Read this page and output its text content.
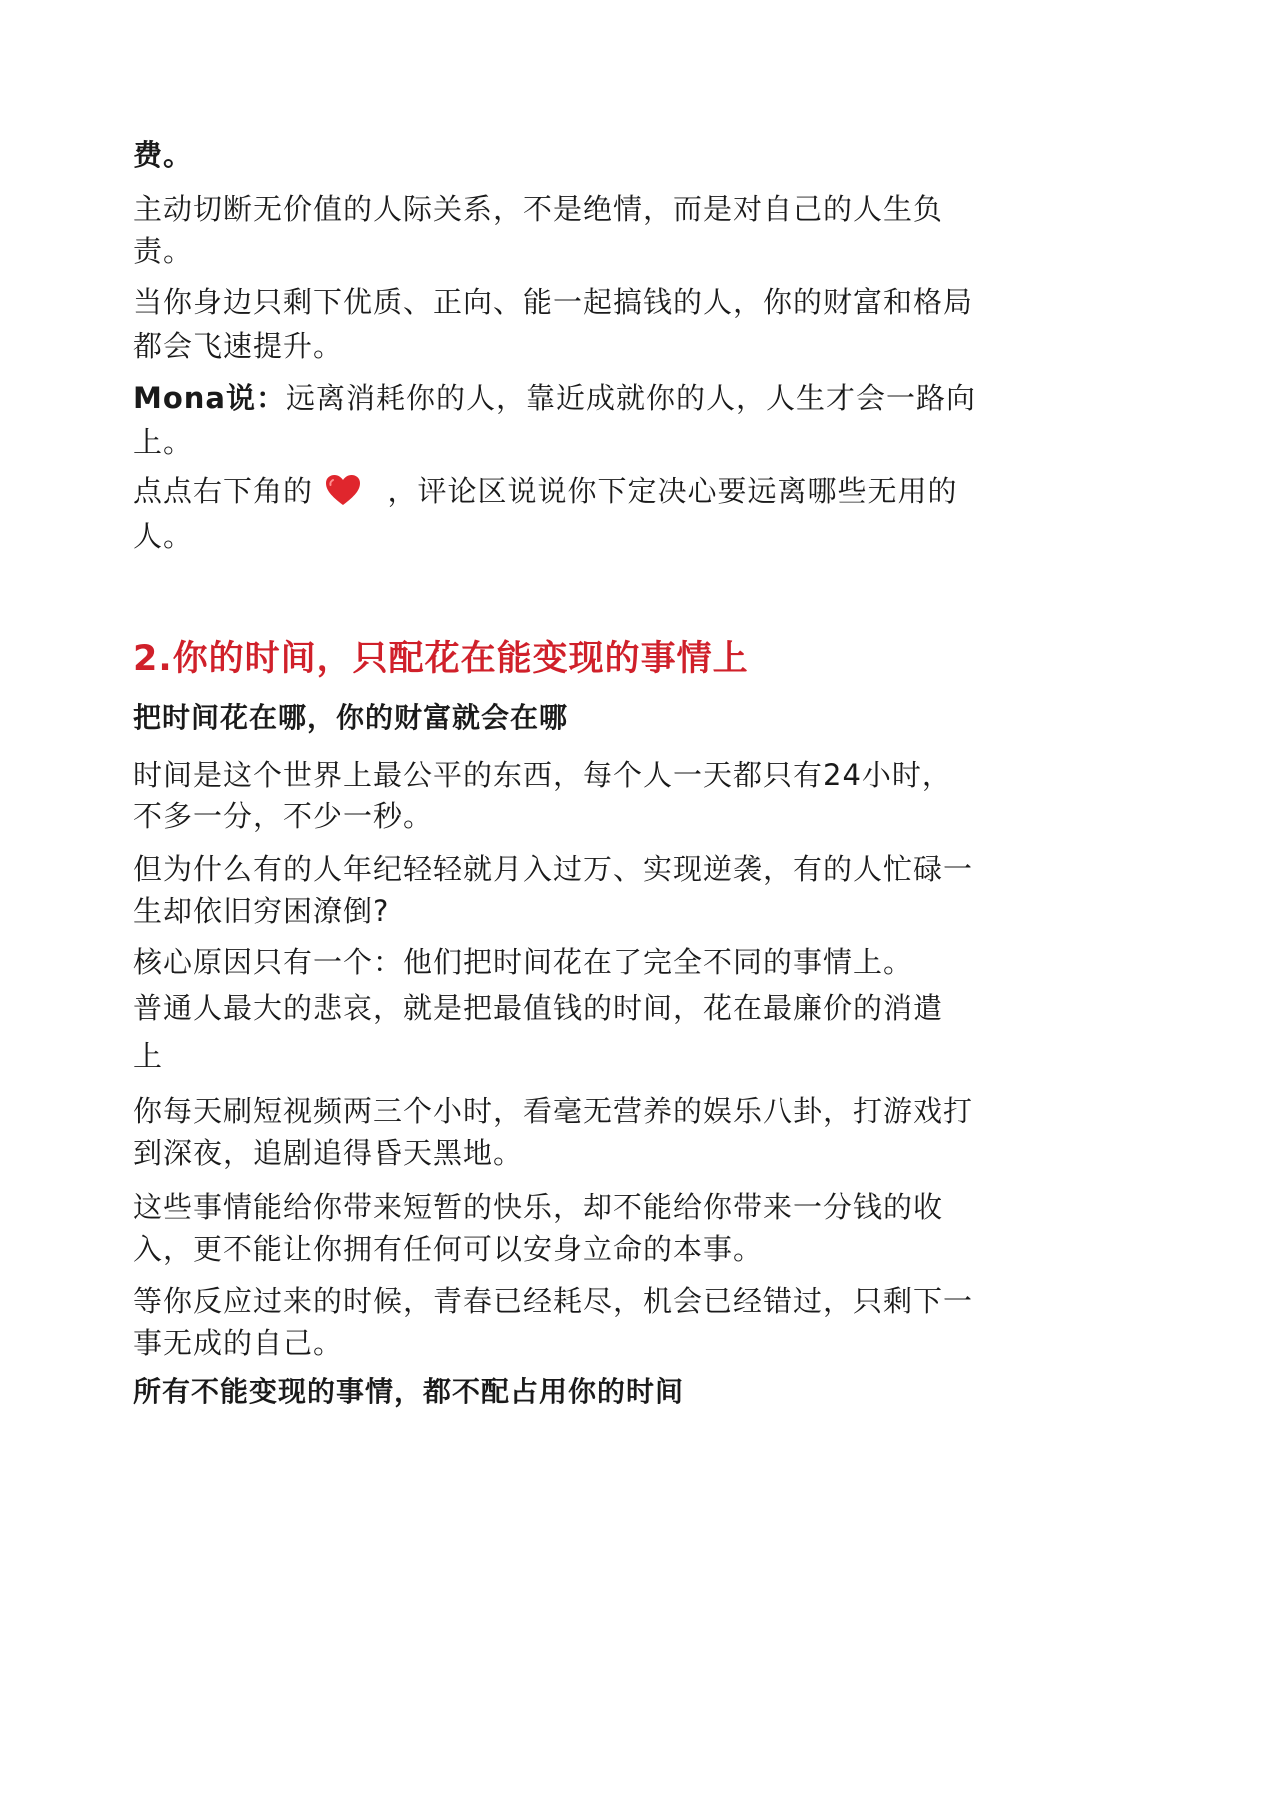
费。

主动切断无价值的人际关系，不是绝情，而是对自己的人生负

责。

当你身边只剩下优质、正向、能一起搞钱的人，你的财富和格局

都会飞速提升。

Mona说：远离消耗你的人，靠近成就你的人，人生才会一路向

上。

点点右下角的	，评论区说说你下定决心要远离哪些无用的

人。

2.你的时间，只配花在能变现的事情上

把时间花在哪，你的财富就会在哪

时间是这个世界上最公平的东西，每个人一天都只有24小时，

不多一分，不少一秒。

但为什么有的人年纪轻轻就月入过万、实现逆袭，有的人忙碌一

生却依旧穷困潦倒?

核心原因只有一个：他们把时间花在了完全不同的事情上。

普通人最大的悲哀，就是把最值钱的时间，花在最廉价的消遣

上

你每天刷短视频两三个小时，看毫无营养的娱乐八卦，打游戏打

到深夜，追剧追得昏天黑地。

这些事情能给你带来短暂的快乐，却不能给你带来一分钱的收

入，更不能让你拥有任何可以安身立命的本事。

等你反应过来的时候，青春已经耗尽，机会已经错过，只剩下一

事无成的自己。

所有不能变现的事情，都不配占用你的时间
